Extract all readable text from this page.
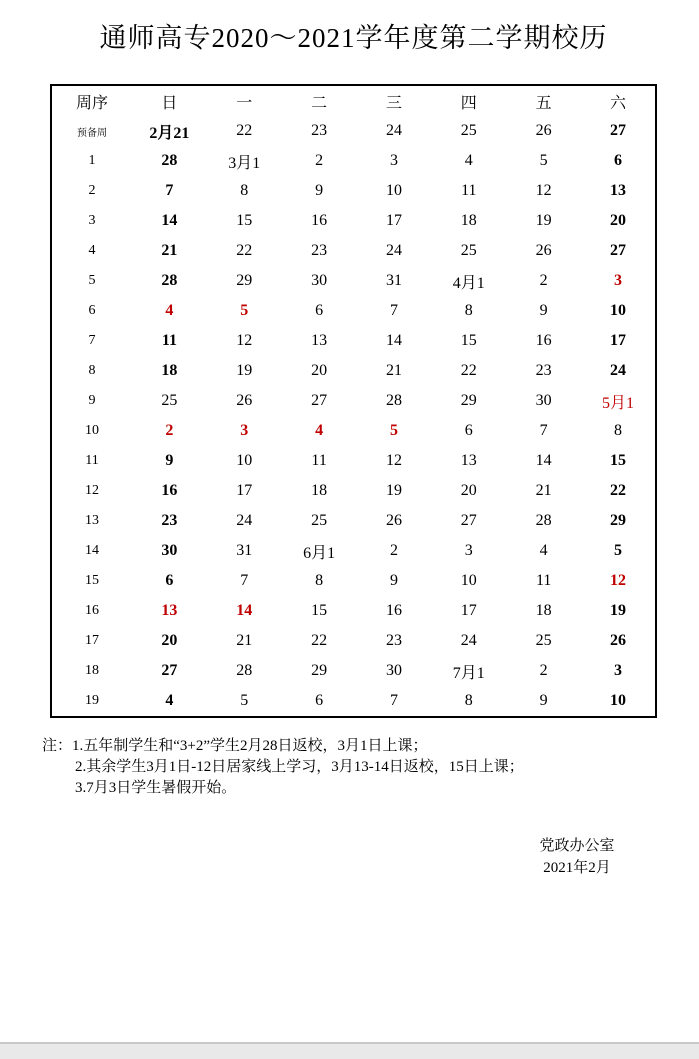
通师高专2020～2021学年度第二学期校历
周序	日	一	二	三	四	五	六
预备周	2月21	22	23	24	25	26	27
1	28	3月1	2	3	4	5	6
2	7	8	9	10	11	12	13
3	14	15	16	17	18	19	20
4	21	22	23	24	25	26	27
5	28	29	30	31	4月1	2	3
6	4	5	6	7	8	9	10
7	11	12	13	14	15	16	17
8	18	19	20	21	22	23	24
9	25	26	27	28	29	30	5月1
10	2	3	4	5	6	7	8
11	9	10	11	12	13	14	15
12	16	17	18	19	20	21	22
13	23	24	25	26	27	28	29
14	30	31	6月1	2	3	4	5
15	6	7	8	9	10	11	12
16	13	14	15	16	17	18	19
17	20	21	22	23	24	25	26
18	27	28	29	30	7月1	2	3
19	4	5	6	7	8	9	10
注：1.五年制学生和“3+2”学生2月28日返校，3月1日上课；
2.其余学生3月1日-12日居家线上学习，3月13-14日返校，15日上课；
3.7月3日学生暑假开始。
党政办公室
2021年2月
